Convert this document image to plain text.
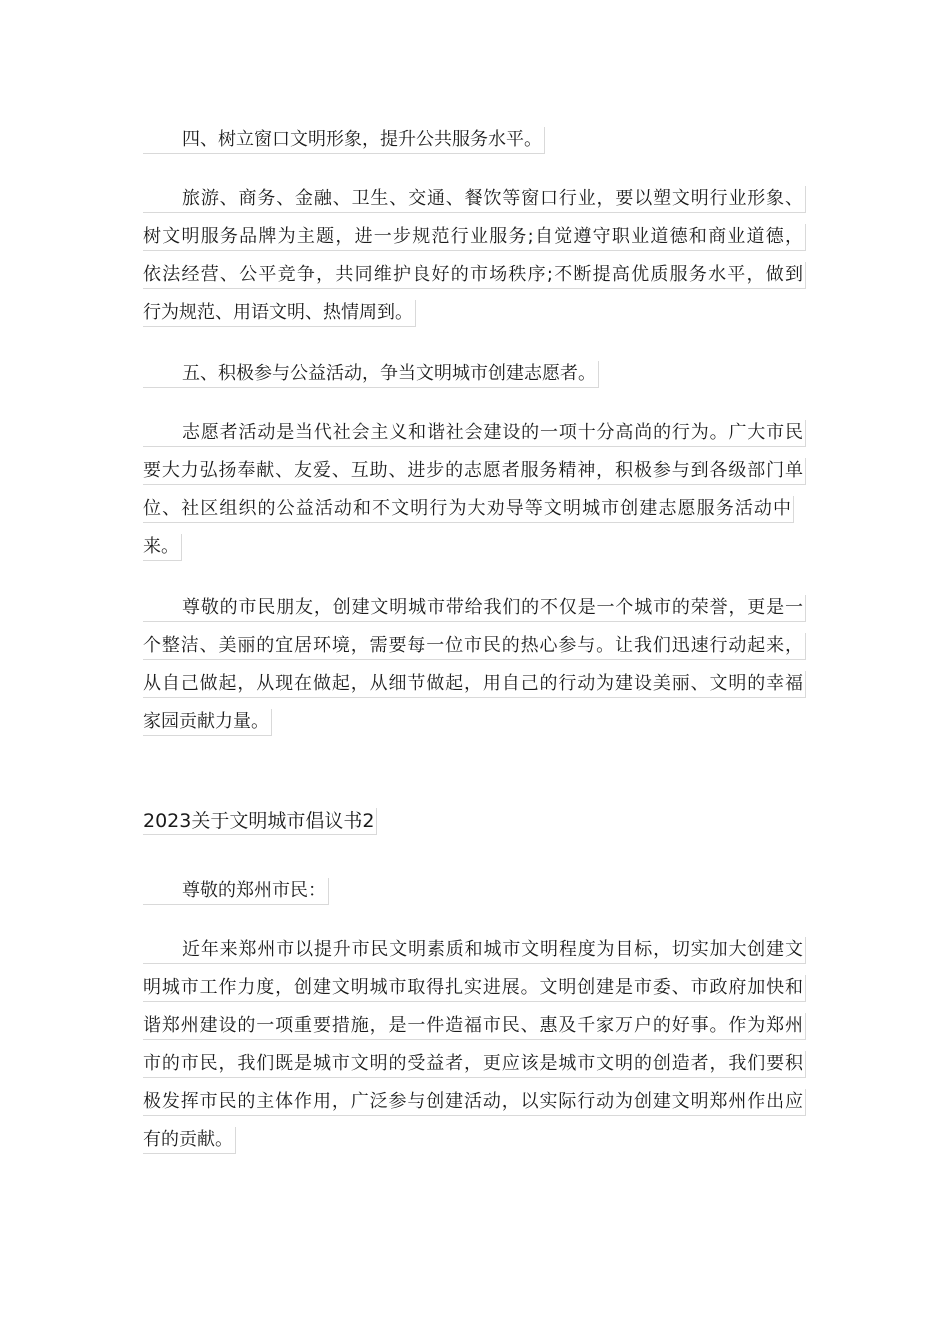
四、树立窗口文明形象，提升公共服务水平。
旅游、商务、金融、卫生、交通、餐饮等窗口行业，要以塑文明行业形象、
树文明服务品牌为主题，进一步规范行业服务;自觉遵守职业道德和商业道德，
依法经营、公平竞争，共同维护良好的市场秩序;不断提高优质服务水平，做到
行为规范、用语文明、热情周到。
五、积极参与公益活动，争当文明城市创建志愿者。
志愿者活动是当代社会主义和谐社会建设的一项十分高尚的行为。广大市民
要大力弘扬奉献、友爱、互助、进步的志愿者服务精神，积极参与到各级部门单
位、社区组织的公益活动和不文明行为大劝导等文明城市创建志愿服务活动中
来。
尊敬的市民朋友，创建文明城市带给我们的不仅是一个城市的荣誉，更是一
个整洁、美丽的宜居环境，需要每一位市民的热心参与。让我们迅速行动起来，
从自己做起，从现在做起，从细节做起，用自己的行动为建设美丽、文明的幸福
家园贡献力量。
2023关于文明城市倡议书2
尊敬的郑州市民：
近年来郑州市以提升市民文明素质和城市文明程度为目标，切实加大创建文
明城市工作力度，创建文明城市取得扎实进展。文明创建是市委、市政府加快和
谐郑州建设的一项重要措施，是一件造福市民、惠及千家万户的好事。作为郑州
市的市民，我们既是城市文明的受益者，更应该是城市文明的创造者，我们要积
极发挥市民的主体作用，广泛参与创建活动，以实际行动为创建文明郑州作出应
有的贡献。
